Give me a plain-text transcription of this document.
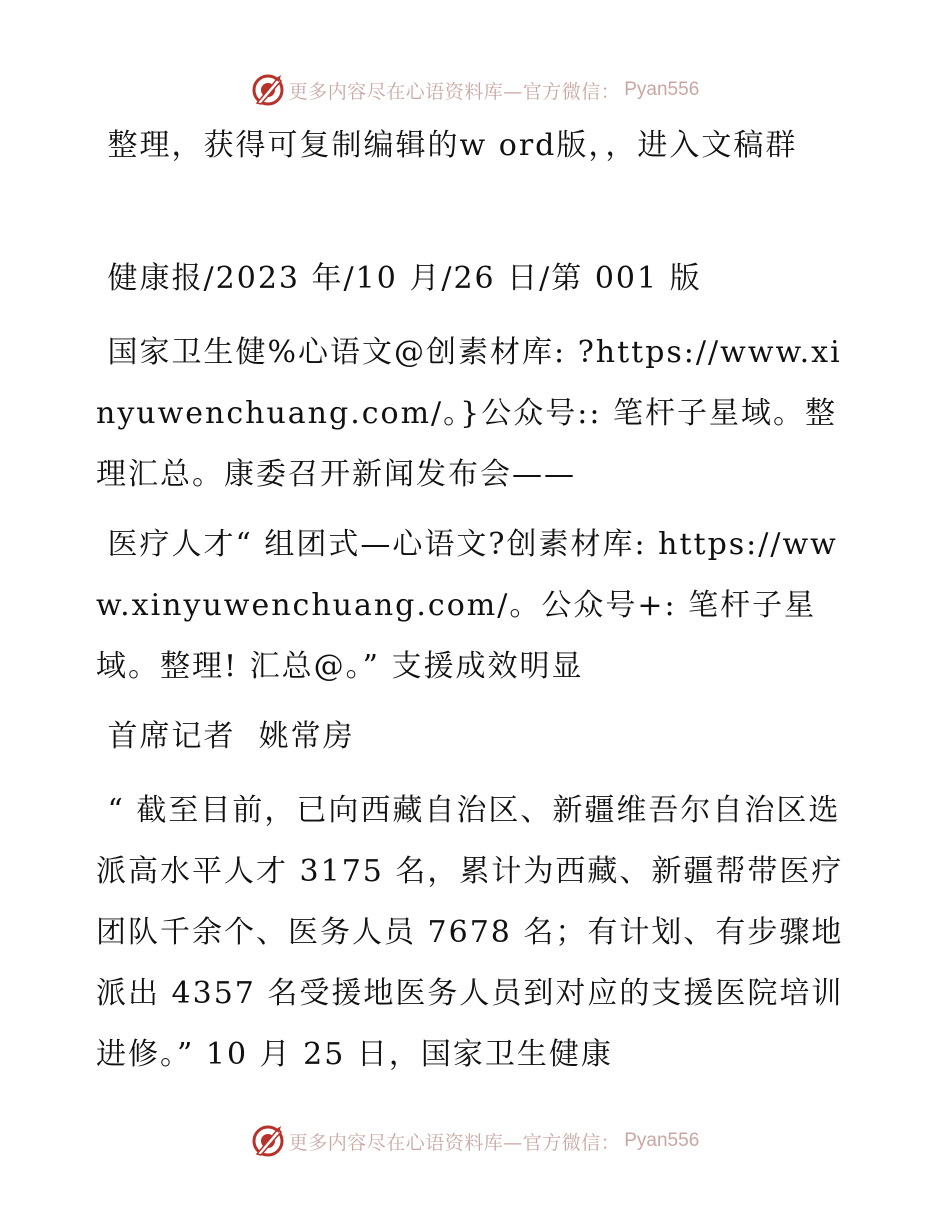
更多内容尽在心语资料库—官方微信： Pyan556

整理，获得可复制编辑的w ord版，，进入文稿群

健康报/2023 年/10 月/26 日/第 001 版

国家卫生健%心语文@创素材库: ?https://www.xinyuwenchuang.com/。}公众号:: 笔杆子星域。整理汇总。康委召开新闻发布会——

医疗人才“ 组团式—心语文?创素材库: https://www.xinyuwenchuang.com/。公众号+: 笔杆子星域。整理! 汇总@。” 支援成效明显

首席记者  姚常房

“ 截至目前，已向西藏自治区、新疆维吾尔自治区选派高水平人才 3175 名，累计为西藏、新疆帮带医疗团队千余个、医务人员 7678 名；有计划、有步骤地派出 4357 名受援地医务人员到对应的支援医院培训进修。” 10 月 25 日，国家卫生健康

更多内容尽在心语资料库—官方微信： Pyan556
